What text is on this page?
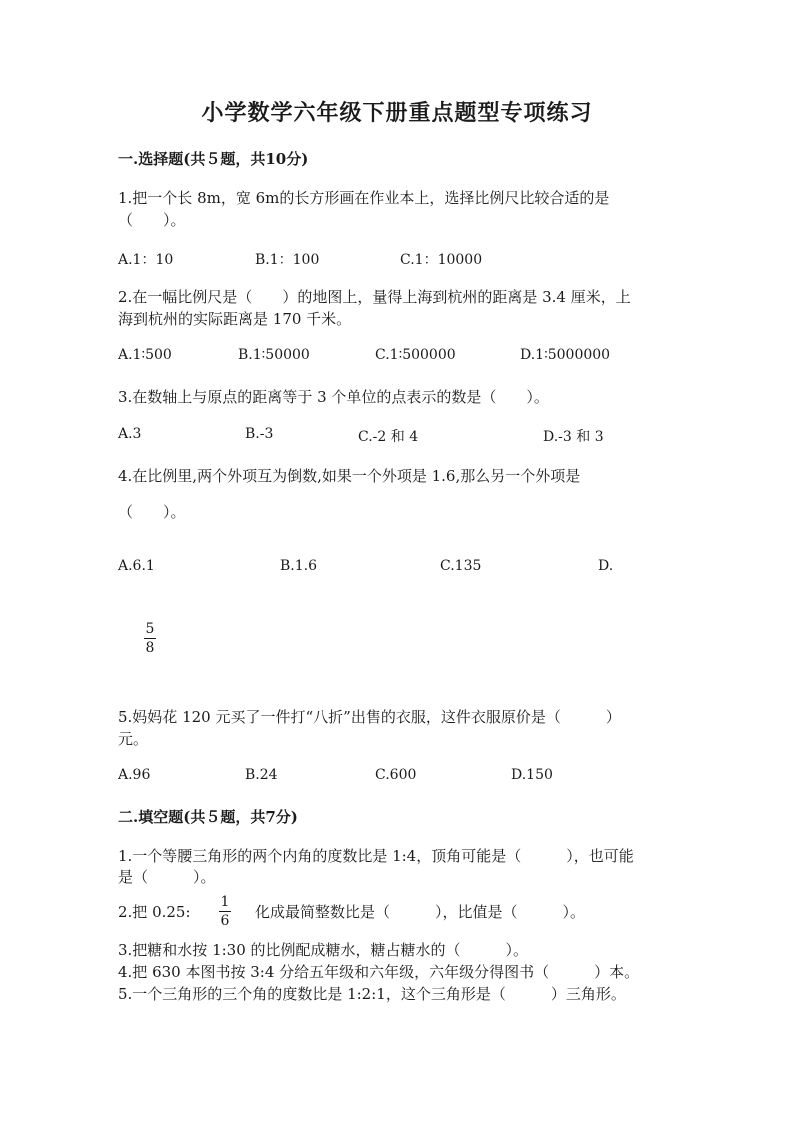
小学数学六年级下册重点题型专项练习
一.选择题(共５题，共10分)
1.把一个长 8m，宽 6m的长方形画在作业本上，选择比例尺比较合适的是
（　　）。
A.1：10	B.1：100	C.1：10000
2.在一幅比例尺是（　　）的地图上，量得上海到杭州的距离是 3.4 厘米，上
海到杭州的实际距离是 170 千米。
A.1∶500	B.1∶50000	C.1∶500000	D.1∶5000000
3.在数轴上与原点的距离等于 3 个单位的点表示的数是（　　）。
A.3	B.-3	C.-2 和 4	D.-3 和 3
4.在比例里,两个外项互为倒数,如果一个外项是 1.6,那么另一个外项是
（　　）。
A.6.1	B.1.6	C.135	D.
5
8
5.妈妈花 120 元买了一件打“八折”出售的衣服，这件衣服原价是（　　　）
元。
A.96	B.24	C.600	D.150
二.填空题(共５题，共7分)
1.一个等腰三角形的两个内角的度数比是 1:4，顶角可能是（　　　），也可能
是（　　　）。
2.把 0.25:
1
6 化成最简整数比是（　　　），比值是（　　　）。
3.把糖和水按 1:30 的比例配成糖水，糖占糖水的（　　　）。
4.把 630 本图书按 3:4 分给五年级和六年级，六年级分得图书（　　　）本。
5.一个三角形的三个角的度数比是 1:2:1，这个三角形是（　　　）三角形。
